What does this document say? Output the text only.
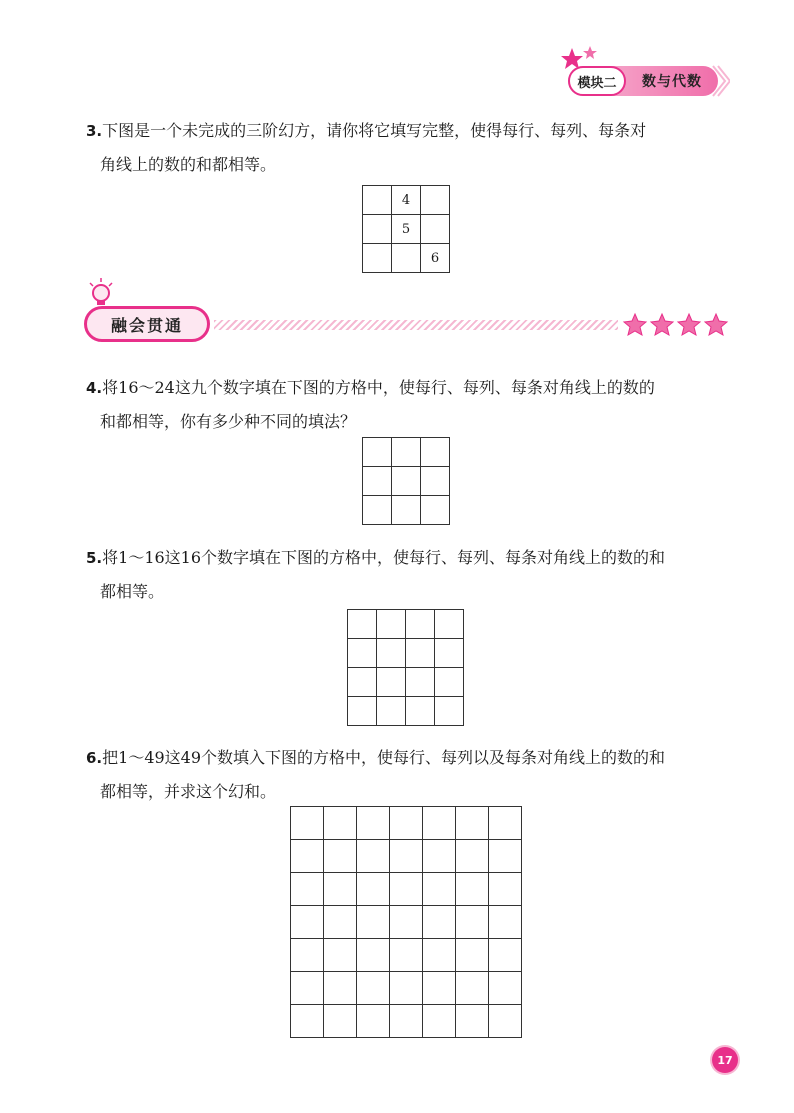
模块二	数与代数
3.下图是一个未完成的三阶幻方，请你将它填写完整，使得每行、每列、每条对
角线上的数的和都相等。
	4	
	5	
		6
融会贯通
4.将16～24这九个数字填在下图的方格中，使每行、每列、每条对角线上的数的
和都相等，你有多少种不同的填法？

5.将1～16这16个数字填在下图的方格中，使每行、每列、每条对角线上的数的和
都相等。

6.把1～49这49个数填入下图的方格中，使每行、每列以及每条对角线上的数的和
都相等，并求这个幻和。

17
